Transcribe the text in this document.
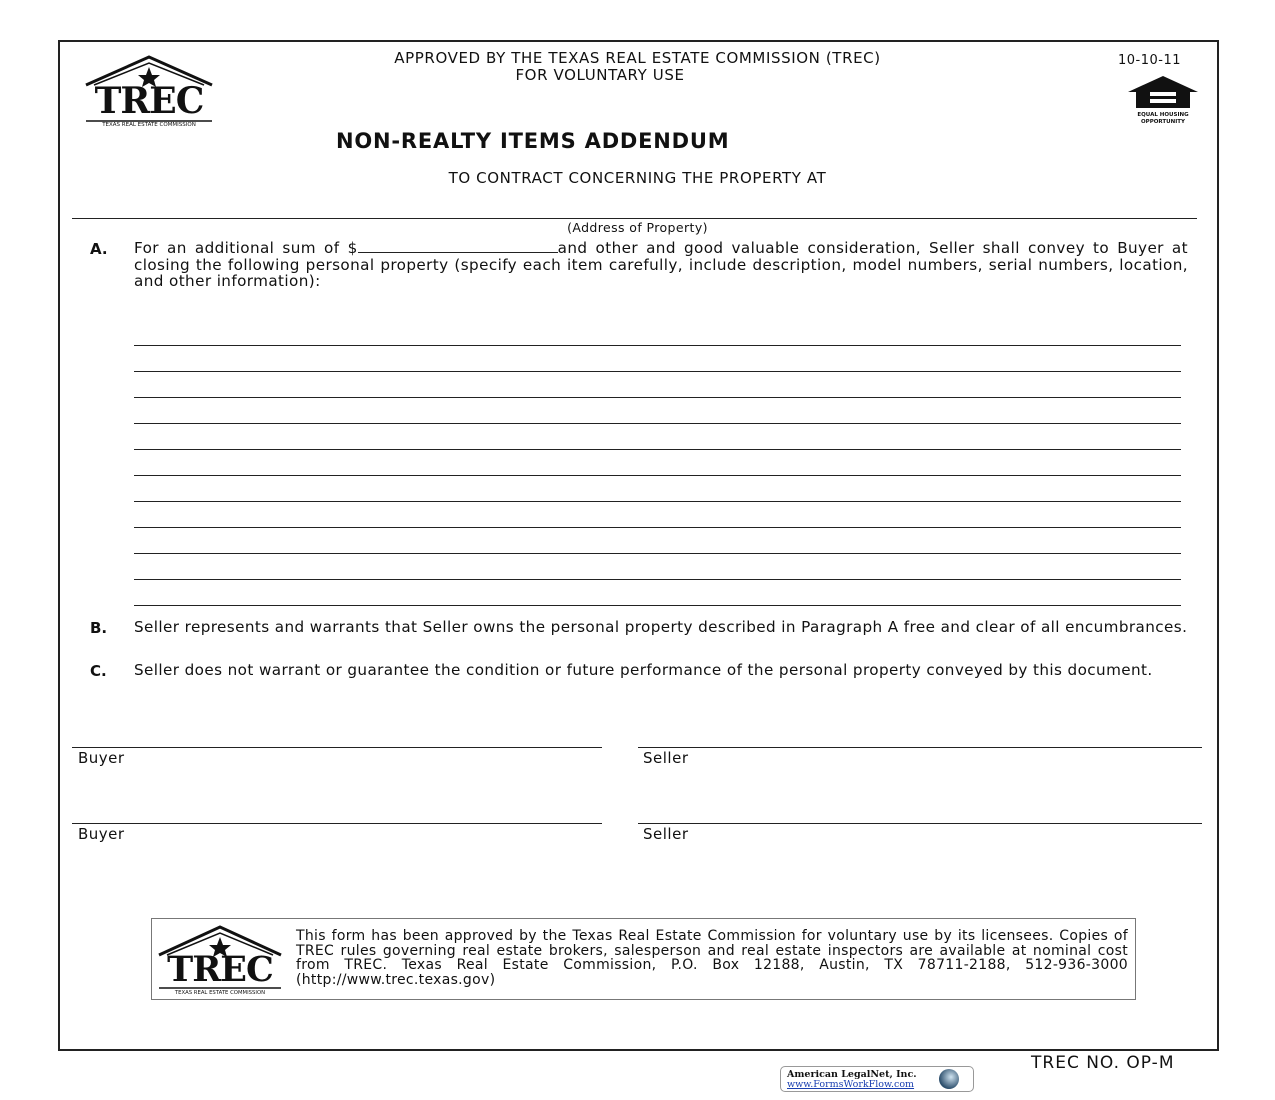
TREC
TEXAS REAL ESTATE COMMISSION
APPROVED BY THE TEXAS REAL ESTATE COMMISSION (TREC)
FOR VOLUNTARY USE
10-10-11
EQUAL HOUSING OPPORTUNITY
NON-REALTY ITEMS ADDENDUM
TO CONTRACT CONCERNING THE PROPERTY AT
(Address of Property)
A. For an additional sum of $	and other and good valuable consideration, Seller shall convey to Buyer at closing the following personal property (specify each item carefully, include description, model numbers, serial numbers, location, and other information):
B. Seller represents and warrants that Seller owns the personal property described in Paragraph A free and clear of all encumbrances.
C. Seller does not warrant or guarantee the condition or future performance of the personal property conveyed by this document.
Buyer	Seller
Buyer	Seller
TREC
TEXAS REAL ESTATE COMMISSION
This form has been approved by the Texas Real Estate Commission for voluntary use by its licensees. Copies of TREC rules governing real estate brokers, salesperson and real estate inspectors are available at nominal cost from TREC. Texas Real Estate Commission, P.O. Box 12188, Austin, TX 78711-2188, 512-936-3000 (http://www.trec.texas.gov)
TREC NO. OP-M
American LegalNet, Inc.
www.FormsWorkFlow.com
